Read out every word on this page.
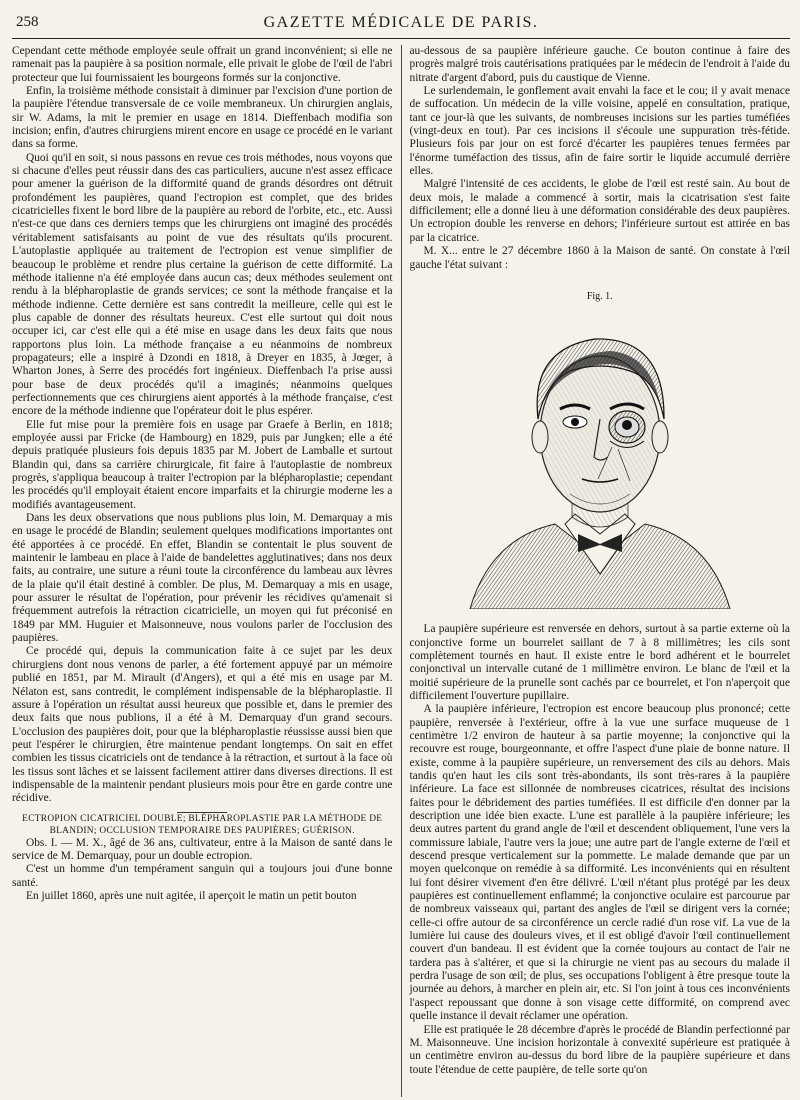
258	GAZETTE MÉDICALE DE PARIS.

Cependant cette méthode employée seule offrait un grand inconvénient; si elle ne ramenait pas la paupière à sa position normale, elle privait le globe de l'œil de l'abri protecteur que lui fournissaient les bourgeons formés sur la conjonctive.

Enfin, la troisième méthode consistait à diminuer par l'excision d'une portion de la paupière l'étendue transversale de ce voile membraneux. Un chirurgien anglais, sir W. Adams, la mit le premier en usage en 1814. Dieffenbach modifia son incision; enfin, d'autres chirurgiens mirent encore en usage ce procédé en le variant dans sa forme.

Quoi qu'il en soit, si nous passons en revue ces trois méthodes, nous voyons que si chacune d'elles peut réussir dans des cas particuliers, aucune n'est assez efficace pour amener la guérison de la difformité quand de grands désordres ont détruit profondément les paupières, quand l'ectropion est complet, que des brides cicatricielles fixent le bord libre de la paupière au rebord de l'orbite, etc., etc. Aussi n'est-ce que dans ces derniers temps que les chirurgiens ont imaginé des procédés véritablement satisfaisants au point de vue des résultats qu'ils procurent. L'autoplastie appliquée au traitement de l'ectropion est venue simplifier de beaucoup le problème et rendre plus certaine la guérison de cette difformité. La méthode italienne n'a été employée dans aucun cas; deux méthodes seulement ont rendu à la blépharoplastie de grands services; ce sont la méthode française et la méthode indienne. Cette dernière est sans contredit la meilleure, celle qui est le plus capable de donner des résultats heureux. C'est elle surtout qui doit nous occuper ici, car c'est elle qui a été mise en usage dans les deux faits que nous rapportons plus loin. La méthode française a eu néanmoins de nombreux propagateurs; elle a inspiré à Dzondi en 1818, à Dreyer en 1835, à Jœger, à Wharton Jones, à Serre des procédés fort ingénieux. Dieffenbach l'a prise aussi pour base de deux procédés qu'il a imaginés; néanmoins quelques perfectionnements que ces chirurgiens aient apportés à la méthode française, c'est encore de la méthode indienne que l'opérateur doit le plus espérer.

Elle fut mise pour la première fois en usage par Graefe à Berlin, en 1818; employée aussi par Fricke (de Hambourg) en 1829, puis par Jungken; elle a été depuis pratiquée plusieurs fois depuis 1835 par M. Jobert de Lamballe et surtout Blandin qui, dans sa carrière chirurgicale, fit faire à l'autoplastie de nombreux progrès, s'appliqua beaucoup à traiter l'ectropion par la blépharoplastie; cependant les procédés qu'il employait étaient encore imparfaits et la chirurgie moderne les a modifiés avantageusement.

Dans les deux observations que nous publions plus loin, M. Demarquay a mis en usage le procédé de Blandin; seulement quelques modifications importantes ont été apportées à ce procédé. En effet, Blandin se contentait le plus souvent de maintenir le lambeau en place à l'aide de bandelettes agglutinatives; dans nos deux faits, au contraire, une suture a réuni toute la circonférence du lambeau aux lèvres de la plaie qu'il était destiné à combler. De plus, M. Demarquay a mis en usage, pour assurer le résultat de l'opération, pour prévenir les récidives qu'amenait si fréquemment autrefois la rétraction cicatricielle, un moyen qui fut préconisé en 1849 par MM. Huguier et Maisonneuve, nous voulons parler de l'occlusion des paupières.

Ce procédé qui, depuis la communication faite à ce sujet par les deux chirurgiens dont nous venons de parler, a été fortement appuyé par un mémoire publié en 1851, par M. Mirault (d'Angers), et qui a été mis en usage par M. Nélaton est, sans contredit, le complément indispensable de la blépharoplastie. Il assure à l'opération un résultat aussi heureux que possible et, dans le premier des deux faits que nous publions, il a été à M. Demarquay d'un grand secours. L'occlusion des paupières doit, pour que la blépharoplastie réussisse aussi bien que peut l'espérer le chirurgien, être maintenue pendant longtemps. On sait en effet combien les tissus cicatriciels ont de tendance à la rétraction, et surtout à la face où les tissus sont lâches et se laissent facilement attirer dans diverses directions. Il est indispensable de la maintenir pendant plusieurs mois pour être en garde contre une récidive.

ECTROPION CICATRICIEL DOUBLE; BLÉPHAROPLASTIE PAR LA MÉTHODE DE BLANDIN; OCCLUSION TEMPORAIRE DES PAUPIÈRES; GUÉRISON.

Obs. I. — M. X., âgé de 36 ans, cultivateur, entre à la Maison de santé dans le service de M. Demarquay, pour un double ectropion.

C'est un homme d'un tempérament sanguin qui a toujours joui d'une bonne santé.

En juillet 1860, après une nuit agitée, il aperçoit le matin un petit bouton

au-dessous de sa paupière inférieure gauche. Ce bouton continue à faire des progrès malgré trois cautérisations pratiquées par le médecin de l'endroit à l'aide du nitrate d'argent d'abord, puis du caustique de Vienne.

Le surlendemain, le gonflement avait envahi la face et le cou; il y avait menace de suffocation. Un médecin de la ville voisine, appelé en consultation, pratique, tant ce jour-là que les suivants, de nombreuses incisions sur les parties tuméfiées (vingt-deux en tout). Par ces incisions il s'écoule une suppuration très-fétide. Plusieurs fois par jour on est forcé d'écarter les paupières tenues fermées par l'énorme tuméfaction des tissus, afin de faire sortir le liquide accumulé derrière elles.

Malgré l'intensité de ces accidents, le globe de l'œil est resté sain. Au bout de deux mois, le malade a commencé à sortir, mais la cicatrisation s'est faite difficilement; elle a donné lieu à une déformation considérable des deux paupières. Un ectropion double les renverse en dehors; l'inférieure surtout est attirée en bas par la cicatrice.

M. X... entre le 27 décembre 1860 à la Maison de santé. On constate à l'œil gauche l'état suivant :

Fig. 1.

La paupière supérieure est renversée en dehors, surtout à sa partie externe où la conjonctive forme un bourrelet saillant de 7 à 8 millimètres; les cils sont complètement tournés en haut. Il existe entre le bord adhérent et le bourrelet conjonctival un intervalle cutané de 1 millimètre environ. Le blanc de l'œil et la moitié supérieure de la prunelle sont cachés par ce bourrelet, et l'on n'aperçoit que difficilement l'ouverture pupillaire.

A la paupière inférieure, l'ectropion est encore beaucoup plus prononcé; cette paupière, renversée à l'extérieur, offre à la vue une surface muqueuse de 1 centimètre 1/2 environ de hauteur à sa partie moyenne; la conjonctive qui la recouvre est rouge, bourgeonnante, et offre l'aspect d'une plaie de bonne nature. Il existe, comme à la paupière supérieure, un renversement des cils au dehors. Mais tandis qu'en haut les cils sont très-abondants, ils sont très-rares à la paupière inférieure. La face est sillonnée de nombreuses cicatrices, résultat des incisions faites pour le débridement des parties tuméfiées. Il est difficile d'en donner par la description une idée bien exacte. L'une est parallèle à la paupière inférieure; les deux autres partent du grand angle de l'œil et descendent obliquement, l'une vers la commissure labiale, l'autre vers la joue; une autre part de l'angle externe de l'œil et descend presque verticalement sur la pommette. Le malade demande que par un moyen quelconque on remédie à sa difformité. Les inconvénients qui en résultent lui font désirer vivement d'en être délivré. L'œil n'étant plus protégé par les deux paupières est continuellement enflammé; la conjonctive oculaire est parcourue par de nombreux vaisseaux qui, partant des angles de l'œil se dirigent vers la cornée; celle-ci offre autour de sa circonférence un cercle radié d'un rose vif. La vue de la lumière lui cause des douleurs vives, et il est obligé d'avoir l'œil continuellement couvert d'un bandeau. Il est évident que la cornée toujours au contact de l'air ne tardera pas à s'altérer, et que si la chirurgie ne vient pas au secours du malade il perdra l'usage de son œil; de plus, ses occupations l'obligent à être presque toute la journée au dehors, à marcher en plein air, etc. Si l'on joint à tous ces inconvénients l'aspect repoussant que donne à son visage cette difformité, on comprend avec quelle instance il devait réclamer une opération.

Elle est pratiquée le 28 décembre d'après le procédé de Blandin perfectionné par M. Maisonneuve. Une incision horizontale à convexité supérieure est pratiquée à un centimètre environ au-dessus du bord libre de la paupière supérieure et dans toute l'étendue de cette paupière, de telle sorte qu'on
